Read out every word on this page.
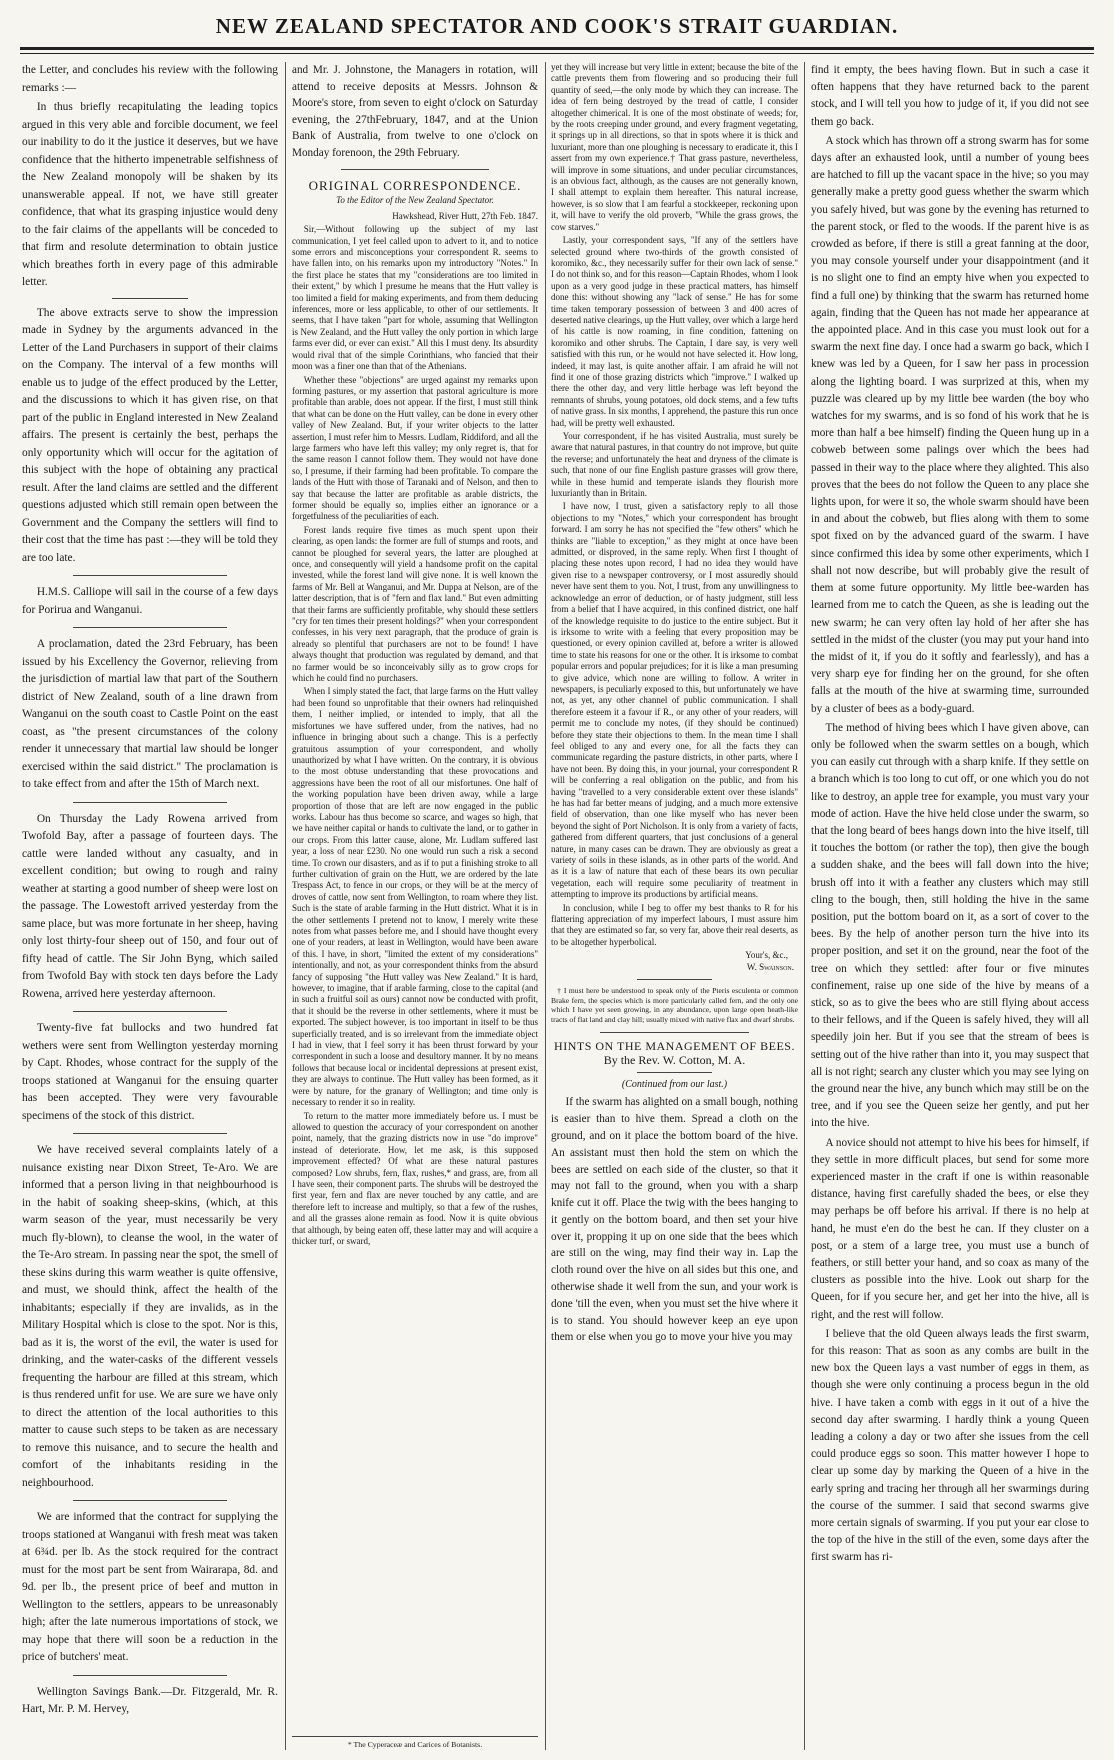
NEW ZEALAND SPECTATOR AND COOK'S STRAIT GUARDIAN.

the Letter, and concludes his review with the following remarks :—

In thus briefly recapitulating the leading topics argued in this very able and forcible document, we feel our inability to do it the justice it deserves, but we have confidence that the hitherto impenetrable selfishness of the New Zealand monopoly will be shaken by its unanswerable appeal. If not, we have still greater confidence, that what its grasping injustice would deny to the fair claims of the appellants will be conceded to that firm and resolute determination to obtain justice which breathes forth in every page of this admirable letter.

The above extracts serve to show the impression made in Sydney by the arguments advanced in the Letter of the Land Purchasers in support of their claims on the Company. The interval of a few months will enable us to judge of the effect produced by the Letter, and the discussions to which it has given rise, on that part of the public in England interested in New Zealand affairs. The present is certainly the best, perhaps the only opportunity which will occur for the agitation of this subject with the hope of obtaining any practical result. After the land claims are settled and the different questions adjusted which still remain open between the Government and the Company the settlers will find to their cost that the time has past :—they will be told they are too late.

H.M.S. Calliope will sail in the course of a few days for Porirua and Wanganui.

A proclamation, dated the 23rd February, has been issued by his Excellency the Governor, relieving from the jurisdiction of martial law that part of the Southern district of New Zealand, south of a line drawn from Wanganui on the south coast to Castle Point on the east coast, as "the present circumstances of the colony render it unnecessary that martial law should be longer exercised within the said district." The proclamation is to take effect from and after the 15th of March next.

On Thursday the Lady Rowena arrived from Twofold Bay, after a passage of fourteen days. The cattle were landed without any casualty, and in excellent condition; but owing to rough and rainy weather at starting a good number of sheep were lost on the passage. The Lowestoft arrived yesterday from the same place, but was more fortunate in her sheep, having only lost thirty-four sheep out of 150, and four out of fifty head of cattle. The Sir John Byng, which sailed from Twofold Bay with stock ten days before the Lady Rowena, arrived here yesterday afternoon.

Twenty-five fat bullocks and two hundred fat wethers were sent from Wellington yesterday morning by Capt. Rhodes, whose contract for the supply of the troops stationed at Wanganui for the ensuing quarter has been accepted. They were very favourable specimens of the stock of this district.

We have received several complaints lately of a nuisance existing near Dixon Street, Te-Aro. We are informed that a person living in that neighbourhood is in the habit of soaking sheep-skins, (which, at this warm season of the year, must necessarily be very much fly-blown), to cleanse the wool, in the water of the Te-Aro stream. In passing near the spot, the smell of these skins during this warm weather is quite offensive, and must, we should think, affect the health of the inhabitants; especially if they are invalids, as in the Military Hospital which is close to the spot. Nor is this, bad as it is, the worst of the evil, the water is used for drinking, and the water-casks of the different vessels frequenting the harbour are filled at this stream, which is thus rendered unfit for use. We are sure we have only to direct the attention of the local authorities to this matter to cause such steps to be taken as are necessary to remove this nuisance, and to secure the health and comfort of the inhabitants residing in the neighbourhood.

We are informed that the contract for supplying the troops stationed at Wanganui with fresh meat was taken at 6¾d. per lb. As the stock required for the contract must for the most part be sent from Wairarapa, 8d. and 9d. per lb., the present price of beef and mutton in Wellington to the settlers, appears to be unreasonably high; after the late numerous importations of stock, we may hope that there will soon be a reduction in the price of butchers' meat.

Wellington Savings Bank.—Dr. Fitzgerald, Mr. R. Hart, Mr. P. M. Hervey,

and Mr. J. Johnstone, the Managers in rotation, will attend to receive deposits at Messrs. Johnson & Moore's store, from seven to eight o'clock on Saturday evening, the 27thFebruary, 1847, and at the Union Bank of Australia, from twelve to one o'clock on Monday forenoon, the 29th February.

ORIGINAL CORRESPONDENCE.
To the Editor of the New Zealand Spectator.
Hawkshead, River Hutt, 27th Feb. 1847.

Sir,—Without following up the subject of my last communication, I yet feel called upon to advert to it, and to notice some errors and misconceptions your correspondent R. seems to have fallen into, on his remarks upon my introductory "Notes." In the first place he states that my "considerations are too limited in their extent," by which I presume he means that the Hutt valley is too limited a field for making experiments, and from them deducing inferences, more or less applicable, to other of our settlements. It seems, that I have taken "part for whole, assuming that Wellington is New Zealand, and the Hutt valley the only portion in which large farms ever did, or ever can exist." All this I must deny. Its absurdity would rival that of the simple Corinthians, who fancied that their moon was a finer one than that of the Athenians.

Whether these "objections" are urged against my remarks upon forming pastures, or my assertion that pastoral agriculture is more profitable than arable, does not appear. If the first, I must still think that what can be done on the Hutt valley, can be done in every other valley of New Zealand. But, if your writer objects to the latter assertion, I must refer him to Messrs. Ludlam, Riddiford, and all the large farmers who have left this valley; my only regret is, that for the same reason I cannot follow them. They would not have done so, I presume, if their farming had been profitable. To compare the lands of the Hutt with those of Taranaki and of Nelson, and then to say that because the latter are profitable as arable districts, the former should be equally so, implies either an ignorance or a forgetfulness of the peculiarities of each.

Forest lands require five times as much spent upon their clearing, as open lands: the former are full of stumps and roots, and cannot be ploughed for several years, the latter are ploughed at once, and consequently will yield a handsome profit on the capital invested, while the forest land will give none. It is well known the farms of Mr. Bell at Wanganui, and Mr. Duppa at Nelson, are of the latter description, that is of "fern and flax land." But even admitting that their farms are sufficiently profitable, why should these settlers "cry for ten times their present holdings?" when your correspondent confesses, in his very next paragraph, that the produce of grain is already so plentiful that purchasers are not to be found! I have always thought that production was regulated by demand, and that no farmer would be so inconceivably silly as to grow crops for which he could find no purchasers.

When I simply stated the fact, that large farms on the Hutt valley had been found so unprofitable that their owners had relinquished them, I neither implied, or intended to imply, that all the misfortunes we have suffered under, from the natives, had no influence in bringing about such a change. This is a perfectly gratuitous assumption of your correspondent, and wholly unauthorized by what I have written. On the contrary, it is obvious to the most obtuse understanding that these provocations and aggressions have been the root of all our misfortunes. One half of the working population have been driven away, while a large proportion of those that are left are now engaged in the public works. Labour has thus become so scarce, and wages so high, that we have neither capital or hands to cultivate the land, or to gather in our crops. From this latter cause, alone, Mr. Ludlam suffered last year, a loss of near £230. No one would run such a risk a second time. To crown our disasters, and as if to put a finishing stroke to all further cultivation of grain on the Hutt, we are ordered by the late Trespass Act, to fence in our crops, or they will be at the mercy of droves of cattle, now sent from Wellington, to roam where they list. Such is the state of arable farming in the Hutt district. What it is in the other settlements I pretend not to know, I merely write these notes from what passes before me, and I should have thought every one of your readers, at least in Wellington, would have been aware of this. I have, in short, "limited the extent of my considerations" intentionally, and not, as your correspondent thinks from the absurd fancy of supposing "the Hutt valley was New Zealand." It is hard, however, to imagine, that if arable farming, close to the capital (and in such a fruitful soil as ours) cannot now be conducted with profit, that it should be the reverse in other settlements, where it must be exported. The subject however, is too important in itself to be thus superficially treated, and is so irrelevant from the immediate object I had in view, that I feel sorry it has been thrust forward by your correspondent in such a loose and desultory manner. It by no means follows that because local or incidental depressions at present exist, they are always to continue. The Hutt valley has been formed, as it were by nature, for the granary of Wellington; and time only is necessary to render it so in reality.

To return to the matter more immediately before us. I must be allowed to question the accuracy of your correspondent on another point, namely, that the grazing districts now in use "do improve" instead of deteriorate. How, let me ask, is this supposed improvement effected? Of what are these natural pastures composed? Low shrubs, fern, flax, rushes,* and grass, are, from all I have seen, their component parts. The shrubs will be destroyed the first year, fern and flax are never touched by any cattle, and are therefore left to increase and multiply, so that a few of the rushes, and all the grasses alone remain as food. Now it is quite obvious that although, by being eaten off, these latter may and will acquire a thicker turf, or sward,

* The Cyperaceæ and Carices of Botanists.

yet they will increase but very little in extent; because the bite of the cattle prevents them from flowering and so producing their full quantity of seed,—the only mode by which they can increase. The idea of fern being destroyed by the tread of cattle, I consider altogether chimerical. It is one of the most obstinate of weeds; for, by the roots creeping under ground, and every fragment vegetating, it springs up in all directions, so that in spots where it is thick and luxuriant, more than one ploughing is necessary to eradicate it, this I assert from my own experience.† That grass pasture, nevertheless, will improve in some situations, and under peculiar circumstances, is an obvious fact, although, as the causes are not generally known, I shall attempt to explain them hereafter. This natural increase, however, is so slow that I am fearful a stockkeeper, reckoning upon it, will have to verify the old proverb, "While the grass grows, the cow starves."

Lastly, your correspondent says, "If any of the settlers have selected ground where two-thirds of the growth consisted of koromiko, &c., they necessarily suffer for their own lack of sense." I do not think so, and for this reason—Captain Rhodes, whom I look upon as a very good judge in these practical matters, has himself done this: without showing any "lack of sense." He has for some time taken temporary possession of between 3 and 400 acres of deserted native clearings, up the Hutt valley, over which a large herd of his cattle is now roaming, in fine condition, fattening on koromiko and other shrubs. The Captain, I dare say, is very well satisfied with this run, or he would not have selected it. How long, indeed, it may last, is quite another affair. I am afraid he will not find it one of those grazing districts which "improve." I walked up there the other day, and very little herbage was left beyond the remnants of shrubs, young potatoes, old dock stems, and a few tufts of native grass. In six months, I apprehend, the pasture this run once had, will be pretty well exhausted.

Your correspondent, if he has visited Australia, must surely be aware that natural pastures, in that country do not improve, but quite the reverse; and unfortunately the heat and dryness of the climate is such, that none of our fine English pasture grasses will grow there, while in these humid and temperate islands they flourish more luxuriantly than in Britain.

I have now, I trust, given a satisfactory reply to all those objections to my "Notes," which your correspondent has brought forward. I am sorry he has not specified the "few others" which he thinks are "liable to exception," as they might at once have been admitted, or disproved, in the same reply. When first I thought of placing these notes upon record, I had no idea they would have given rise to a newspaper controversy, or I most assuredly should never have sent them to you. Not, I trust, from any unwillingness to acknowledge an error of deduction, or of hasty judgment, still less from a belief that I have acquired, in this confined district, one half of the knowledge requisite to do justice to the entire subject. But it is irksome to write with a feeling that every proposition may be questioned, or every opinion cavilled at, before a writer is allowed time to state his reasons for one or the other. It is irksome to combat popular errors and popular prejudices; for it is like a man presuming to give advice, which none are willing to follow. A writer in newspapers, is peculiarly exposed to this, but unfortunately we have not, as yet, any other channel of public communication. I shall therefore esteem it a favour if R., or any other of your readers, will permit me to conclude my notes, (if they should be continued) before they state their objections to them. In the mean time I shall feel obliged to any and every one, for all the facts they can communicate regarding the pasture districts, in other parts, where I have not been. By doing this, in your journal, your correspondent R will be conferring a real obligation on the public, and from his having "travelled to a very considerable extent over these islands" he has had far better means of judging, and a much more extensive field of observation, than one like myself who has never been beyond the sight of Port Nicholson. It is only from a variety of facts, gathered from different quarters, that just conclusions of a general nature, in many cases can be drawn. They are obviously as great a variety of soils in these islands, as in other parts of the world. And as it is a law of nature that each of these bears its own peculiar vegetation, each will require some peculiarity of treatment in attempting to improve its productions by artificial means.

In conclusion, while I beg to offer my best thanks to R for his flattering appreciation of my imperfect labours, I must assure him that they are estimated so far, so very far, above their real deserts, as to be altogether hyperbolical.

Your's, &c.,
W. Swainson.
† I must here be understood to speak only of the Pteris esculenta or common Brake fern, the species which is more particularly called fern, and the only one which I have yet seen growing, in any abundance, upon large open heath-like tracts of flat land and clay hill; usually mixed with native flax and dwarf shrubs.
HINTS ON THE MANAGEMENT OF BEES.
By the Rev. W. Cotton, M. A.
(Continued from our last.)

If the swarm has alighted on a small bough, nothing is easier than to hive them. Spread a cloth on the ground, and on it place the bottom board of the hive. An assistant must then hold the stem on which the bees are settled on each side of the cluster, so that it may not fall to the ground, when you with a sharp knife cut it off. Place the twig with the bees hanging to it gently on the bottom board, and then set your hive over it, propping it up on one side that the bees which are still on the wing, may find their way in. Lap the cloth round over the hive on all sides but this one, and otherwise shade it well from the sun, and your work is done 'till the even, when you must set the hive where it is to stand. You should however keep an eye upon them or else when you go to move your hive you may

find it empty, the bees having flown. But in such a case it often happens that they have returned back to the parent stock, and I will tell you how to judge of it, if you did not see them go back.

A stock which has thrown off a strong swarm has for some days after an exhausted look, until a number of young bees are hatched to fill up the vacant space in the hive; so you may generally make a pretty good guess whether the swarm which you safely hived, but was gone by the evening has returned to the parent stock, or fled to the woods. If the parent hive is as crowded as before, if there is still a great fanning at the door, you may console yourself under your disappointment (and it is no slight one to find an empty hive when you expected to find a full one) by thinking that the swarm has returned home again, finding that the Queen has not made her appearance at the appointed place. And in this case you must look out for a swarm the next fine day. I once had a swarm go back, which I knew was led by a Queen, for I saw her pass in procession along the lighting board. I was surprized at this, when my puzzle was cleared up by my little bee warden (the boy who watches for my swarms, and is so fond of his work that he is more than half a bee himself) finding the Queen hung up in a cobweb between some palings over which the bees had passed in their way to the place where they alighted. This also proves that the bees do not follow the Queen to any place she lights upon, for were it so, the whole swarm should have been in and about the cobweb, but flies along with them to some spot fixed on by the advanced guard of the swarm. I have since confirmed this idea by some other experiments, which I shall not now describe, but will probably give the result of them at some future opportunity. My little bee-warden has learned from me to catch the Queen, as she is leading out the new swarm; he can very often lay hold of her after she has settled in the midst of the cluster (you may put your hand into the midst of it, if you do it softly and fearlessly), and has a very sharp eye for finding her on the ground, for she often falls at the mouth of the hive at swarming time, surrounded by a cluster of bees as a body-guard.

The method of hiving bees which I have given above, can only be followed when the swarm settles on a bough, which you can easily cut through with a sharp knife. If they settle on a branch which is too long to cut off, or one which you do not like to destroy, an apple tree for example, you must vary your mode of action. Have the hive held close under the swarm, so that the long beard of bees hangs down into the hive itself, till it touches the bottom (or rather the top), then give the bough a sudden shake, and the bees will fall down into the hive; brush off into it with a feather any clusters which may still cling to the bough, then, still holding the hive in the same position, put the bottom board on it, as a sort of cover to the bees. By the help of another person turn the hive into its proper position, and set it on the ground, near the foot of the tree on which they settled: after four or five minutes confinement, raise up one side of the hive by means of a stick, so as to give the bees who are still flying about access to their fellows, and if the Queen is safely hived, they will all speedily join her. But if you see that the stream of bees is setting out of the hive rather than into it, you may suspect that all is not right; search any cluster which you may see lying on the ground near the hive, any bunch which may still be on the tree, and if you see the Queen seize her gently, and put her into the hive.

A novice should not attempt to hive his bees for himself, if they settle in more difficult places, but send for some more experienced master in the craft if one is within reasonable distance, having first carefully shaded the bees, or else they may perhaps be off before his arrival. If there is no help at hand, he must e'en do the best he can. If they cluster on a post, or a stem of a large tree, you must use a bunch of feathers, or still better your hand, and so coax as many of the clusters as possible into the hive. Look out sharp for the Queen, for if you secure her, and get her into the hive, all is right, and the rest will follow.

I believe that the old Queen always leads the first swarm, for this reason: That as soon as any combs are built in the new box the Queen lays a vast number of eggs in them, as though she were only continuing a process begun in the old hive. I have taken a comb with eggs in it out of a hive the second day after swarming. I hardly think a young Queen leading a colony a day or two after she issues from the cell could produce eggs so soon. This matter however I hope to clear up some day by marking the Queen of a hive in the early spring and tracing her through all her swarmings during the course of the summer. I said that second swarms give more certain signals of swarming. If you put your ear close to the top of the hive in the still of the even, some days after the first swarm has ri-
